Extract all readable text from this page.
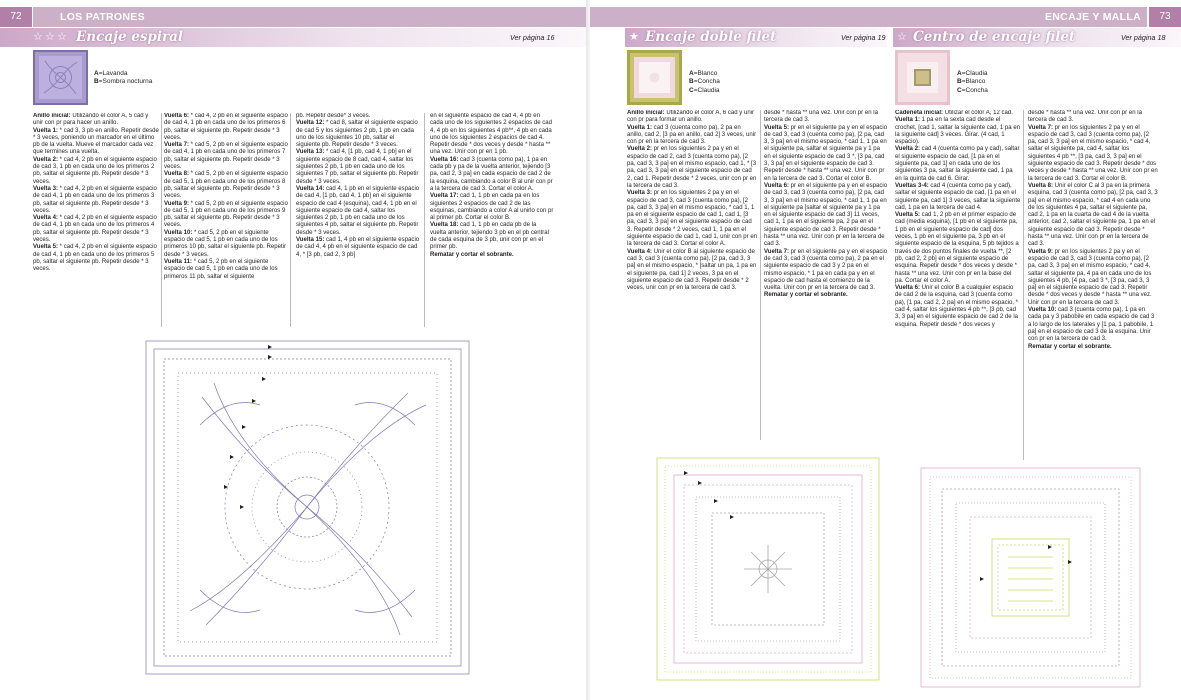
72	LOS PATRONES
☆ ☆ ☆ Encaje espiral	Ver página 16
A=Lavanda
B=Sombra nocturna
Anillo inicial: Utilizando el color A, 5 cad y unir con pr para hacer un anillo.
Vuelta 1: * cad 3, 3 pb en anillo. Repetir desde * 3 veces, poniendo un marcador en el último pb de la vuelta. Mueve el marcador cada vez que termines una vuelta.
Vuelta 2: * cad 4, 2 pb en el siguiente espacio de cad 3, 1 pb en cada uno de los primeros 2 pb, saltar el siguiente pb. Repetir desde * 3 veces.
Vuelta 3: * cad 4, 2 pb en el siguiente espacio de cad 4, 1 pb en cada uno de los primeros 3 pb, saltar el siguiente pb. Repetir desde * 3 veces.
Vuelta 4: * cad 4, 2 pb en el siguiente espacio de cad 4, 1 pb en cada uno de los primeros 4 pb, saltar el siguiente pb. Repetir desde * 3 veces.
Vuelta 5: * cad 4, 2 pb en el siguiente espacio de cad 4, 1 pb en cada uno de los primeros 5 pb, saltar el siguiente pb. Repetir desde * 3 veces.
Vuelta 6: * cad 4, 2 pb en el siguiente espacio de cad 4, 1 pb en cada uno de los primeros 6 pb, saltar el siguiente pb. Repetir desde * 3 veces.
Vuelta 7: * cad 5, 2 pb en el siguiente espacio de cad 4, 1 pb en cada uno de los primeros 7 pb, saltar el siguiente pb. Repetir desde * 3 veces.
Vuelta 8: * cad 5, 2 pb en el siguiente espacio de cad 5, 1 pb en cada uno de los primeros 8 pb, saltar el siguiente pb. Repetir desde * 3 veces.
Vuelta 9: * cad 5, 2 pb en el siguiente espacio de cad 5, 1 pb en cada uno de los primeros 9 pb, saltar el siguiente pb. Repetir desde * 3 veces.
Vuelta 10: * cad 5, 2 pb en el siguiente espacio de cad 5, 1 pb en cada uno de los primeros 10 pb, saltar el siguiente pb. Repetir desde * 3 veces.
Vuelta 11: * cad 5, 2 pb en el siguiente espacio de cad 5, 1 pb en cada uno de los primeros 11 pb, saltar el siguiente
pb. Repetir desde* 3 veces.
Vuelta 12: * cad 8, saltar el siguiente espacio de cad 5 y los siguientes 2 pb, 1 pb en cada uno de los siguientes 10 pb, saltar el siguiente pb. Repetir desde * 3 veces.
Vuelta 13: * cad 4, [1 pb, cad 4, 1 pb] en el siguiente espacio de 8 cad, cad 4, saltar los siguientes 2 pb, 1 pb en cada uno de los siguientes 7 pb, saltar el siguiente pb. Repetir desde * 3 veces.
Vuelta 14: cad 4, 1 pb en el siguiente espacio de cad 4, [1 pb, cad 4, 1 pb] en el siguiente espacio de cad 4 (esquina), cad 4, 1 pb en el siguiente espacio de cad 4, saltar los siguientes 2 pb, 1 pb en cada uno de los siguientes 4 pb, saltar el siguiente pb. Repetir desde * 3 veces.
Vuelta 15: cad 1, 4 pb en el siguiente espacio de cad 4, 4 pb en el siguiente espacio de cad 4, * [3 pb, cad 2, 3 pb]
en el siguiente espacio de cad 4, 4 pb en cada uno de los siguientes 2 espacios de cad 4, 4 pb en los siguientes 4 pb**, 4 pb en cada uno de los siguientes 2 espacios de cad 4. Repetir desde * dos veces y desde * hasta ** una vez. Unir con pr en 1 pb.
Vuelta 16: cad 3 (cuenta como pa), 1 pa en cada pb y pa de la vuelta anterior, tejiendo [3 pa, cad 2, 3 pa] en cada espacio de cad 2 de la esquina, cambiando a color B al unir con pr a la tercera de cad 3. Cortar el color A.
Vuelta 17: cad 1, 1 pb en cada pa en los siguientes 2 espacios de cad 2 de las esquinas, cambiando a color A al unirlo con pr al primer pb. Cortar el color B.
Vuelta 18: cad 1, 1 pb en cada pb de la vuelta anterior, tejiendo 3 pb en el pb central de cada esquina de 3 pb, unir con pr en el primer pb.
Rematar y cortar el sobrante.
ENCAJE Y MALLA	73
★ Encaje doble filet	Ver página 19
A=Blanco
B=Concha
C=Claudia
Anillo inicial: Utilizando el color A, 6 cad y unir con pr para formar un anillo.
Vuelta 1: cad 3 (cuenta como pa), 2 pa en anillo, cad 2, [3 pa en anillo, cad 2] 3 veces, unir con pr en la tercera de cad 3.
Vuelta 2: pr en los siguientes 2 pa y en el espacio de cad 2, cad 3 (cuenta como pa), [2 pa, cad 3, 3 pa] en el mismo espacio, cad 1, * [3 pa, cad 3, 3 pa] en el siguiente espacio de cad 2, cad 1. Repetir desde * 2 veces, unir con pr en la tercera de cad 3.
Vuelta 3: pr en los siguientes 2 pa y en el espacio de cad 3, cad 3 (cuenta como pa), [2 pa, cad 3, 3 pa] en el mismo espacio, * cad 1, 1 pa en el siguiente espacio de cad 1, cad 1, [3 pa, cad 3, 3 pa] en el siguiente espacio de cad 3. Repetir desde * 2 veces, cad 1, 1 pa en el siguiente espacio de cad 1, cad 1, unir con pr en la tercera de cad 3. Cortar el color A.
Vuelta 4: Unir el color B al siguiente espacio de cad 3, cad 3 (cuenta como pa), [2 pa, cad 3, 3 pa] en el mismo espacio, * [saltar un pa, 1 pa en el siguiente pa, cad 1] 2 veces, 3 pa en el siguiente espacio de cad 3. Repetir desde * 2 veces, unir con pr en la tercera de cad 3.
desde * hasta ** una vez. Unir con pr en la tercera de cad 3.
Vuelta 5: pr en el siguiente pa y en el espacio de cad 3, cad 3 (cuenta como pa), [2 pa, cad 3, 3 pa] en el mismo espacio, * cad 1, 1 pa en el siguiente pa, saltar el siguiente pa y 1 pa en el siguiente espacio de cad 3 *, [3 pa, cad 3, 3 pa] en el siguiente espacio de cad 3. Repetir desde * hasta ** una vez. Unir con pr en la tercera de cad 3. Cortar el color B.
Vuelta 6: pr en el siguiente pa y en el espacio de cad 3, cad 3 (cuenta como pa), [2 pa, cad 3, 3 pa] en el mismo espacio, * cad 1, 1 pa en el siguiente pa [saltar el siguiente pa y 1 pa en el siguiente espacio de cad 3] 11 veces, cad 1, 1 pa en el siguiente pa, 2 pa en el siguiente espacio de cad 3. Repetir desde * hasta ** una vez. Unir con pr en la tercera de cad 3.
Vuelta 7: pr en el siguiente pa y en el espacio de cad 3, cad 3 (cuenta como pa), 2 pa en el siguiente espacio de cad 3 y 2 pa en el mismo espacio, * 1 pa en cada pa y en el espacio de cad hasta el comienzo de la vuelta. Unir con pr en la tercera de cad 3.
Rematar y cortar el sobrante.
☆ Centro de encaje filet	Ver página 18
A=Claudia
B=Blanco
C=Concha
Cadeneta inicial: Utilizar el color A, 12 cad.
Vuelta 1: 1 pa en la sexta cad desde el crochet, [cad 1, saltar la siguiente cad, 1 pa en la siguiente cad] 3 veces. Girar. (4 cad, 1 espacio).
Vuelta 2: cad 4 (cuenta como pa y cad), saltar el siguiente espacio de cad, [1 pa en el siguiente pa, cad 1] en cada uno de los siguientes 3 pa, saltar la siguiente cad, 1 pa en la quinta de cad 6. Girar.
Vueltas 3-4: cad 4 (cuenta como pa y cad), saltar el siguiente espacio de cad, [1 pa en el siguiente pa, cad 1] 3 veces, saltar la siguiente cad, 1 pa en la tercera de cad 4.
Vuelta 5: cad 1, 2 pb en el primer espacio de cad (media esquina), [1 pb en el siguiente pa, 1 pb en el siguiente espacio de cad] dos veces, 1 pb en el siguiente pa, 3 pb en el siguiente espacio de la esquina, 5 pb tejidos a través de dos puntos finales de vuelta **, [2 pb, cad 2, 2 pb] en el siguiente espacio de esquina. Repetir desde * dos veces y desde * hasta ** una vez. Unir con pr en la base del pa. Cortar el color A.
Vuelta 6: Unir el color B a cualquier espacio de cad 2 de la esquina, cad 3 (cuenta como pa), [1 pa, cad 2, 2 pa] en el mismo espacio, * cad 4, saltar los siguientes 4 pb **, [3 pb, cad 3, 3 pa] en el siguiente espacio de cad 2 de la esquina. Repetir desde * dos veces y
desde * hasta ** una vez. Unir con pr en la tercera de cad 3.
Vuelta 7: pr en los siguientes 2 pa y en el espacio de cad 3, cad 3 (cuenta como pa), [2 pa, cad 3, 3 pa] en el mismo espacio, * cad 4, saltar el siguiente pa, cad 4, saltar los siguientes 4 pb **, [3 pa, cad 3, 3 pa] en el siguiente espacio de cad 3. Repetir desde * dos veces y desde * hasta ** una vez. Unir con pr en la tercera de cad 3. Cortar el color B.
Vuelta 8: Unir el color C al 3 pa en la primera esquina, cad 3 (cuenta como pa), [2 pa, cad 3, 3 pa] en el mismo espacio, * cad 4 en cada uno de los siguientes 4 pa, saltar el siguiente pa, cad 2, 1 pa en la cuarta de cad 4 de la vuelta anterior, cad 2, saltar el siguiente pa, 1 pa en el siguiente espacio de cad 3. Repetir desde * hasta ** una vez. Unir con pr en la tercera de cad 3.
Vuelta 9: pr en los siguientes 2 pa y en el espacio de cad 3, cad 3 (cuenta como pa), [2 pa, cad 3, 3 pa] en el mismo espacio, * cad 4, saltar el siguiente pa, 4 pa en cada uno de los siguientes 4 pb, [4 pa, cad 3 *, [3 pa, cad 3, 3 pa] en el siguiente espacio de cad 3. Repetir desde * dos veces y desde * hasta ** una vez. Unir con pr en la tercera de cad 3.
Vuelta 10: cad 3 (cuenta como pa), 1 pa en cada pa y 3 pabobile en cada espacio de cad 3 a lo largo de los laterales y [1 pa, 1 pabobile, 1 pa] en el espacio de cad 3 de la esquina. Unir con pr en la tercera de cad 3.
Rematar y cortar el sobrante.
